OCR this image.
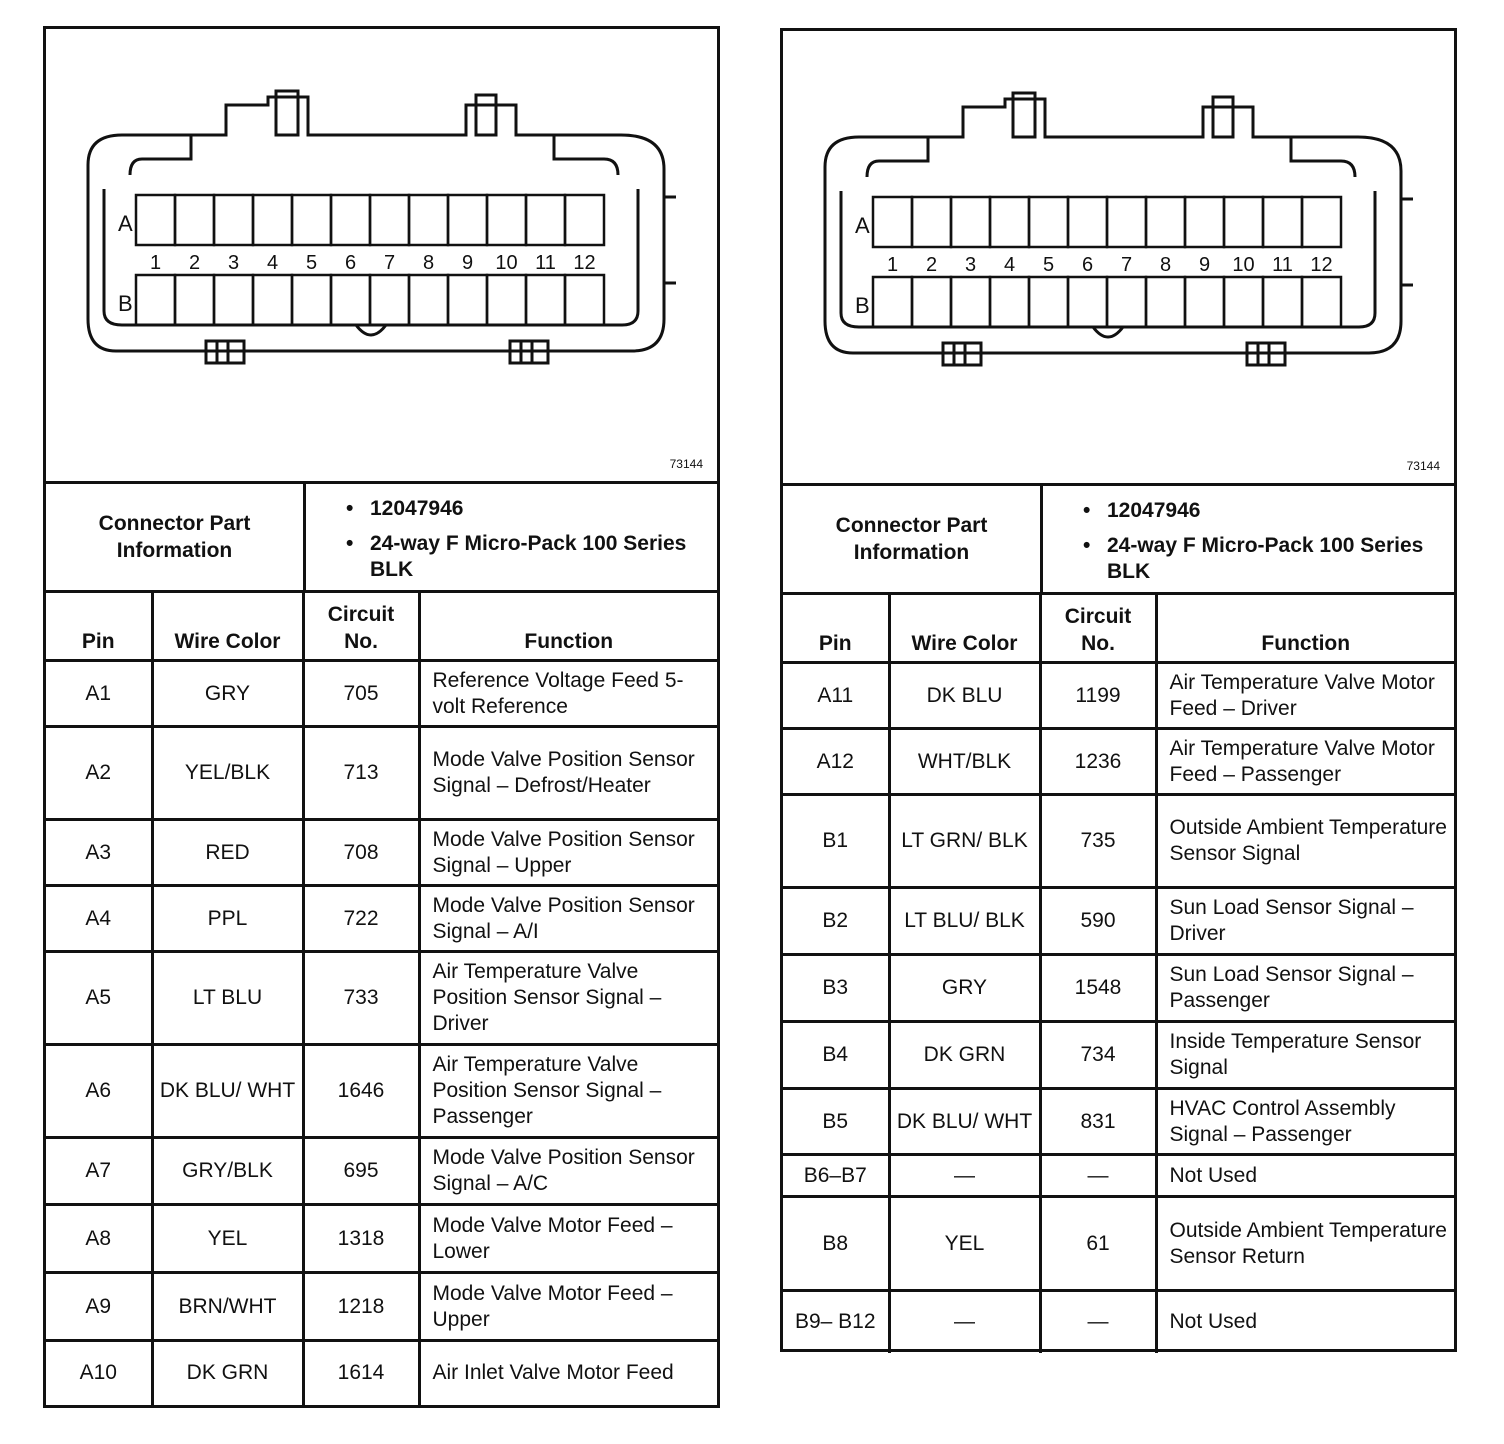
A
B
1 2 3 4 5 6 7 8 9 10 11 12
73144
Connector Part Information
• 12047946
• 24-way F Micro-Pack 100 Series BLK
Pin	Wire Color	Circuit No.	Function
A1	GRY	705	Reference Voltage Feed 5-volt Reference
A2	YEL/BLK	713	Mode Valve Position Sensor Signal – Defrost/Heater
A3	RED	708	Mode Valve Position Sensor Signal – Upper
A4	PPL	722	Mode Valve Position Sensor Signal – A/I
A5	LT BLU	733	Air Temperature Valve Position Sensor Signal – Driver
A6	DK BLU/ WHT	1646	Air Temperature Valve Position Sensor Signal – Passenger
A7	GRY/BLK	695	Mode Valve Position Sensor Signal – A/C
A8	YEL	1318	Mode Valve Motor Feed – Lower
A9	BRN/WHT	1218	Mode Valve Motor Feed – Upper
A10	DK GRN	1614	Air Inlet Valve Motor Feed
A
B
1 2 3 4 5 6 7 8 9 10 11 12
73144
Connector Part Information
• 12047946
• 24-way F Micro-Pack 100 Series BLK
Pin	Wire Color	Circuit No.	Function
A11	DK BLU	1199	Air Temperature Valve Motor Feed – Driver
A12	WHT/BLK	1236	Air Temperature Valve Motor Feed – Passenger
B1	LT GRN/ BLK	735	Outside Ambient Temperature Sensor Signal
B2	LT BLU/ BLK	590	Sun Load Sensor Signal – Driver
B3	GRY	1548	Sun Load Sensor Signal – Passenger
B4	DK GRN	734	Inside Temperature Sensor Signal
B5	DK BLU/ WHT	831	HVAC Control Assembly Signal – Passenger
B6–B7	—	—	Not Used
B8	YEL	61	Outside Ambient Temperature Sensor Return
B9– B12	—	—	Not Used
